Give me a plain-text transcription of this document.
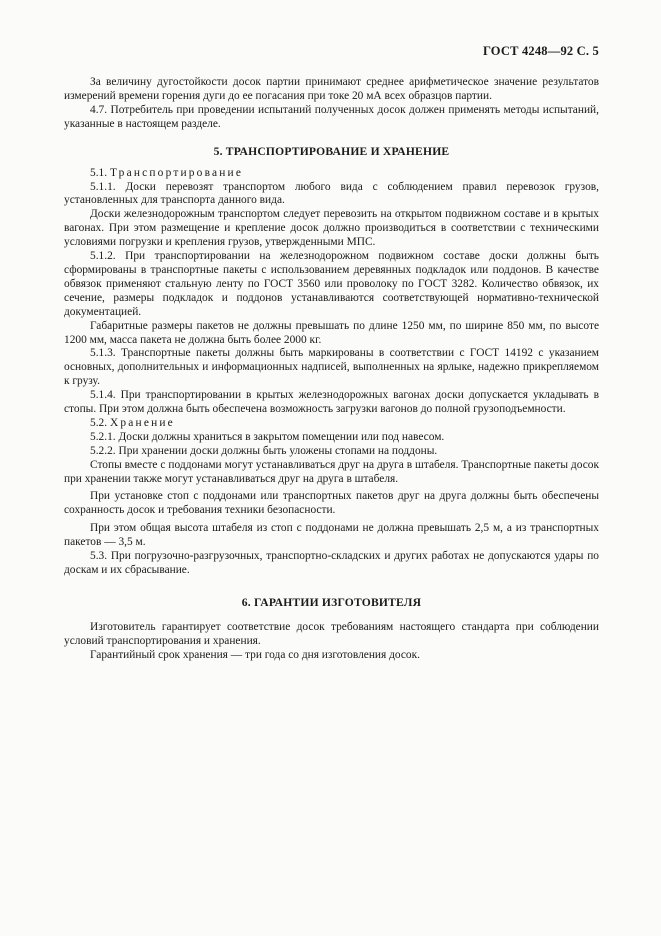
ГОСТ 4248—92 С. 5

За величину дугостойкости досок партии принимают среднее арифметическое значение результатов измерений времени горения дуги до ее погасания при токе 20 мА всех образцов партии.

4.7. Потребитель при проведении испытаний полученных досок должен применять методы испытаний, указанные в настоящем разделе.

5. ТРАНСПОРТИРОВАНИЕ И ХРАНЕНИЕ

5.1. Транспортирование

5.1.1. Доски перевозят транспортом любого вида с соблюдением правил перевозок грузов, установленных для транспорта данного вида.

Доски железнодорожным транспортом следует перевозить на открытом подвижном составе и в крытых вагонах. При этом размещение и крепление досок должно производиться в соответствии с техническими условиями погрузки и крепления грузов, утвержденными МПС.

5.1.2. При транспортировании на железнодорожном подвижном составе доски должны быть сформированы в транспортные пакеты с использованием деревянных подкладок или поддонов. В качестве обвязок применяют стальную ленту по ГОСТ 3560 или проволоку по ГОСТ 3282. Количество обвязок, их сечение, размеры подкладок и поддонов устанавливаются соответствующей нормативно-технической документацией.

Габаритные размеры пакетов не должны превышать по длине 1250 мм, по ширине 850 мм, по высоте 1200 мм, масса пакета не должна быть более 2000 кг.

5.1.3. Транспортные пакеты должны быть маркированы в соответствии с ГОСТ 14192 с указанием основных, дополнительных и информационных надписей, выполненных на ярлыке, надежно прикрепляемом к грузу.

5.1.4. При транспортировании в крытых железнодорожных вагонах доски допускается укладывать в стопы. При этом должна быть обеспечена возможность загрузки вагонов до полной грузоподъемности.

5.2. Хранение

5.2.1. Доски должны храниться в закрытом помещении или под навесом.

5.2.2. При хранении доски должны быть уложены стопами на поддоны.

Стопы вместе с поддонами могут устанавливаться друг на друга в штабеля. Транспортные пакеты досок при хранении также могут устанавливаться друг на друга в штабеля.

При установке стоп с поддонами или транспортных пакетов друг на друга должны быть обеспечены сохранность досок и требования техники безопасности.

При этом общая высота штабеля из стоп с поддонами не должна превышать 2,5 м, а из транспортных пакетов — 3,5 м.

5.3. При погрузочно-разгрузочных, транспортно-складских и других работах не допускаются удары по доскам и их сбрасывание.

6. ГАРАНТИИ ИЗГОТОВИТЕЛЯ

Изготовитель гарантирует соответствие досок требованиям настоящего стандарта при соблюдении условий транспортирования и хранения.

Гарантийный срок хранения — три года со дня изготовления досок.
